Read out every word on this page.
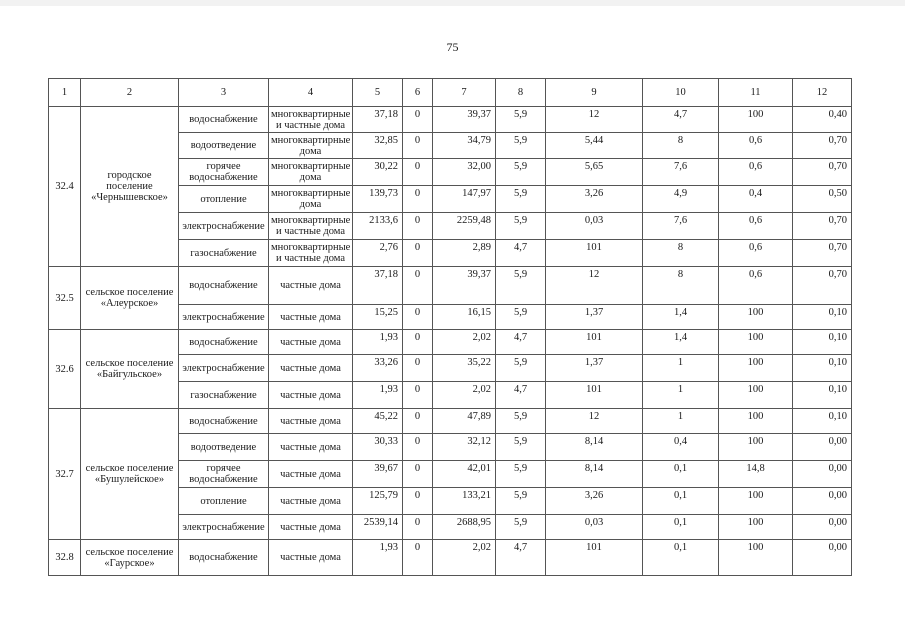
75
1	2	3	4	5	6	7	8	9	10	11	12
32.4	городское поселение «Чернышевское»	водоснабжение	многоквартирные и частные дома	37,18	0	39,37	5,9	12	4,7	100	0,40
		водоотведение	многоквартирные дома	32,85	0	34,79	5,9	5,44	8	0,6	0,70
		горячее водоснабжение	многоквартирные дома	30,22	0	32,00	5,9	5,65	7,6	0,6	0,70
		отопление	многоквартирные дома	139,73	0	147,97	5,9	3,26	4,9	0,4	0,50
		электроснабжение	многоквартирные и частные дома	2133,6	0	2259,48	5,9	0,03	7,6	0,6	0,70
		газоснабжение	многоквартирные и частные дома	2,76	0	2,89	4,7	101	8	0,6	0,70
32.5	сельское поселение «Алеурское»	водоснабжение	частные дома	37,18	0	39,37	5,9	12	8	0,6	0,70
		электроснабжение	частные дома	15,25	0	16,15	5,9	1,37	1,4	100	0,10
32.6	сельское поселение «Байгульское»	водоснабжение	частные дома	1,93	0	2,02	4,7	101	1,4	100	0,10
		электроснабжение	частные дома	33,26	0	35,22	5,9	1,37	1	100	0,10
		газоснабжение	частные дома	1,93	0	2,02	4,7	101	1	100	0,10
32.7	сельское поселение «Бушулейское»	водоснабжение	частные дома	45,22	0	47,89	5,9	12	1	100	0,10
		водоотведение	частные дома	30,33	0	32,12	5,9	8,14	0,4	100	0,00
		горячее водоснабжение	частные дома	39,67	0	42,01	5,9	8,14	0,1	14,8	0,00
		отопление	частные дома	125,79	0	133,21	5,9	3,26	0,1	100	0,00
		электроснабжение	частные дома	2539,14	0	2688,95	5,9	0,03	0,1	100	0,00
32.8	сельское поселение «Гаурское»	водоснабжение	частные дома	1,93	0	2,02	4,7	101	0,1	100	0,00
